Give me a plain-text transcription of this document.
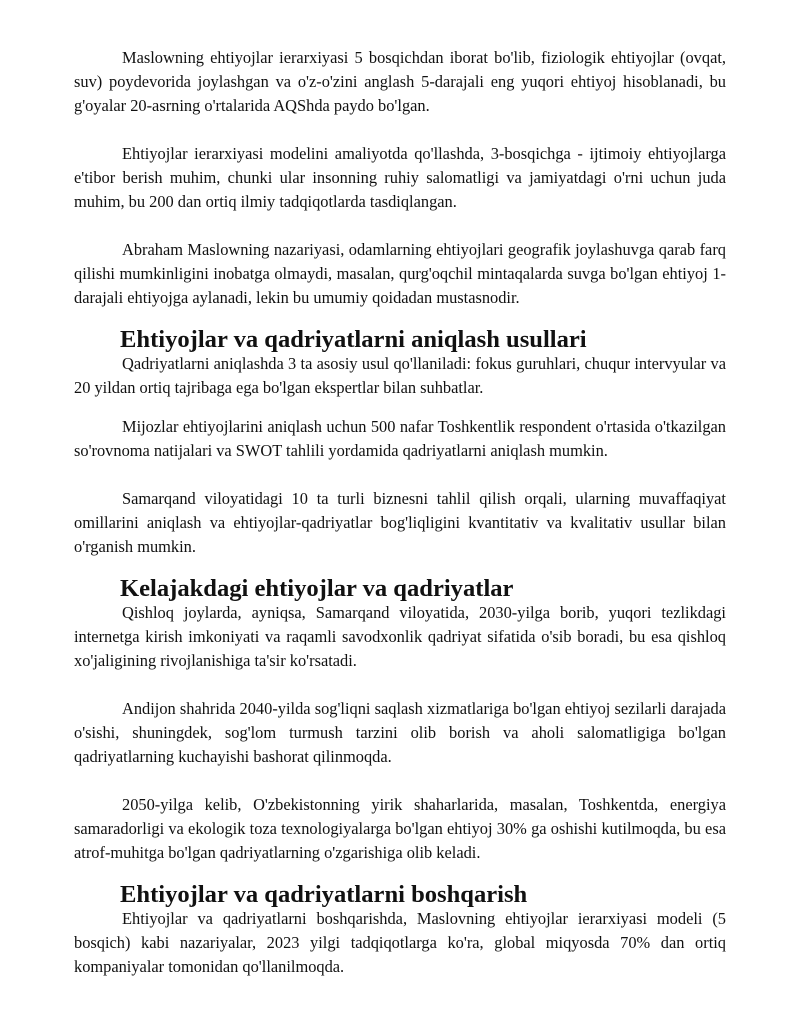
Maslowning ehtiyojlar ierarxiyasi 5 bosqichdan iborat bo'lib, fiziologik ehtiyojlar (ovqat, suv) poydevorida joylashgan va o'z-o'zini anglash 5-darajali eng yuqori ehtiyoj hisoblanadi, bu g'oyalar 20-asrning o'rtalarida AQShda paydo bo'lgan.

Ehtiyojlar ierarxiyasi modelini amaliyotda qo'llashda, 3-bosqichga - ijtimoiy ehtiyojlarga e'tibor berish muhim, chunki ular insonning ruhiy salomatligi va jamiyatdagi o'rni uchun juda muhim, bu 200 dan ortiq ilmiy tadqiqotlarda tasdiqlangan.

Abraham Maslowning nazariyasi, odamlarning ehtiyojlari geografik joylashuvga qarab farq qilishi mumkinligini inobatga olmaydi, masalan, qurg'oqchil mintaqalarda suvga bo'lgan ehtiyoj 1-darajali ehtiyojga aylanadi, lekin bu umumiy qoidadan mustasnodir.

Ehtiyojlar va qadriyatlarni aniqlash usullari

Qadriyatlarni aniqlashda 3 ta asosiy usul qo'llaniladi: fokus guruhlari, chuqur intervyular va 20 yildan ortiq tajribaga ega bo'lgan ekspertlar bilan suhbatlar.

Mijozlar ehtiyojlarini aniqlash uchun 500 nafar Toshkentlik respondent o'rtasida o'tkazilgan so'rovnoma natijalari va SWOT tahlili yordamida qadriyatlarni aniqlash mumkin.

Samarqand viloyatidagi 10 ta turli biznesni tahlil qilish orqali, ularning muvaffaqiyat omillarini aniqlash va ehtiyojlar-qadriyatlar bog'liqligini kvantitativ va kvalitativ usullar bilan o'rganish mumkin.

Kelajakdagi ehtiyojlar va qadriyatlar

Qishloq joylarda, ayniqsa, Samarqand viloyatida, 2030-yilga borib, yuqori tezlikdagi internetga kirish imkoniyati va raqamli savodxonlik qadriyat sifatida o'sib boradi, bu esa qishloq xo'jaligining rivojlanishiga ta'sir ko'rsatadi.

Andijon shahrida 2040-yilda sog'liqni saqlash xizmatlariga bo'lgan ehtiyoj sezilarli darajada o'sishi, shuningdek, sog'lom turmush tarzini olib borish va aholi salomatligiga bo'lgan qadriyatlarning kuchayishi bashorat qilinmoqda.

2050-yilga kelib, O'zbekistonning yirik shaharlarida, masalan, Toshkentda, energiya samaradorligi va ekologik toza texnologiyalarga bo'lgan ehtiyoj 30% ga oshishi kutilmoqda, bu esa atrof-muhitga bo'lgan qadriyatlarning o'zgarishiga olib keladi.

Ehtiyojlar va qadriyatlarni boshqarish

Ehtiyojlar va qadriyatlarni boshqarishda, Maslovning ehtiyojlar ierarxiyasi modeli (5 bosqich) kabi nazariyalar, 2023 yilgi tadqiqotlarga ko'ra, global miqyosda 70% dan ortiq kompaniyalar tomonidan qo'llanilmoqda.
